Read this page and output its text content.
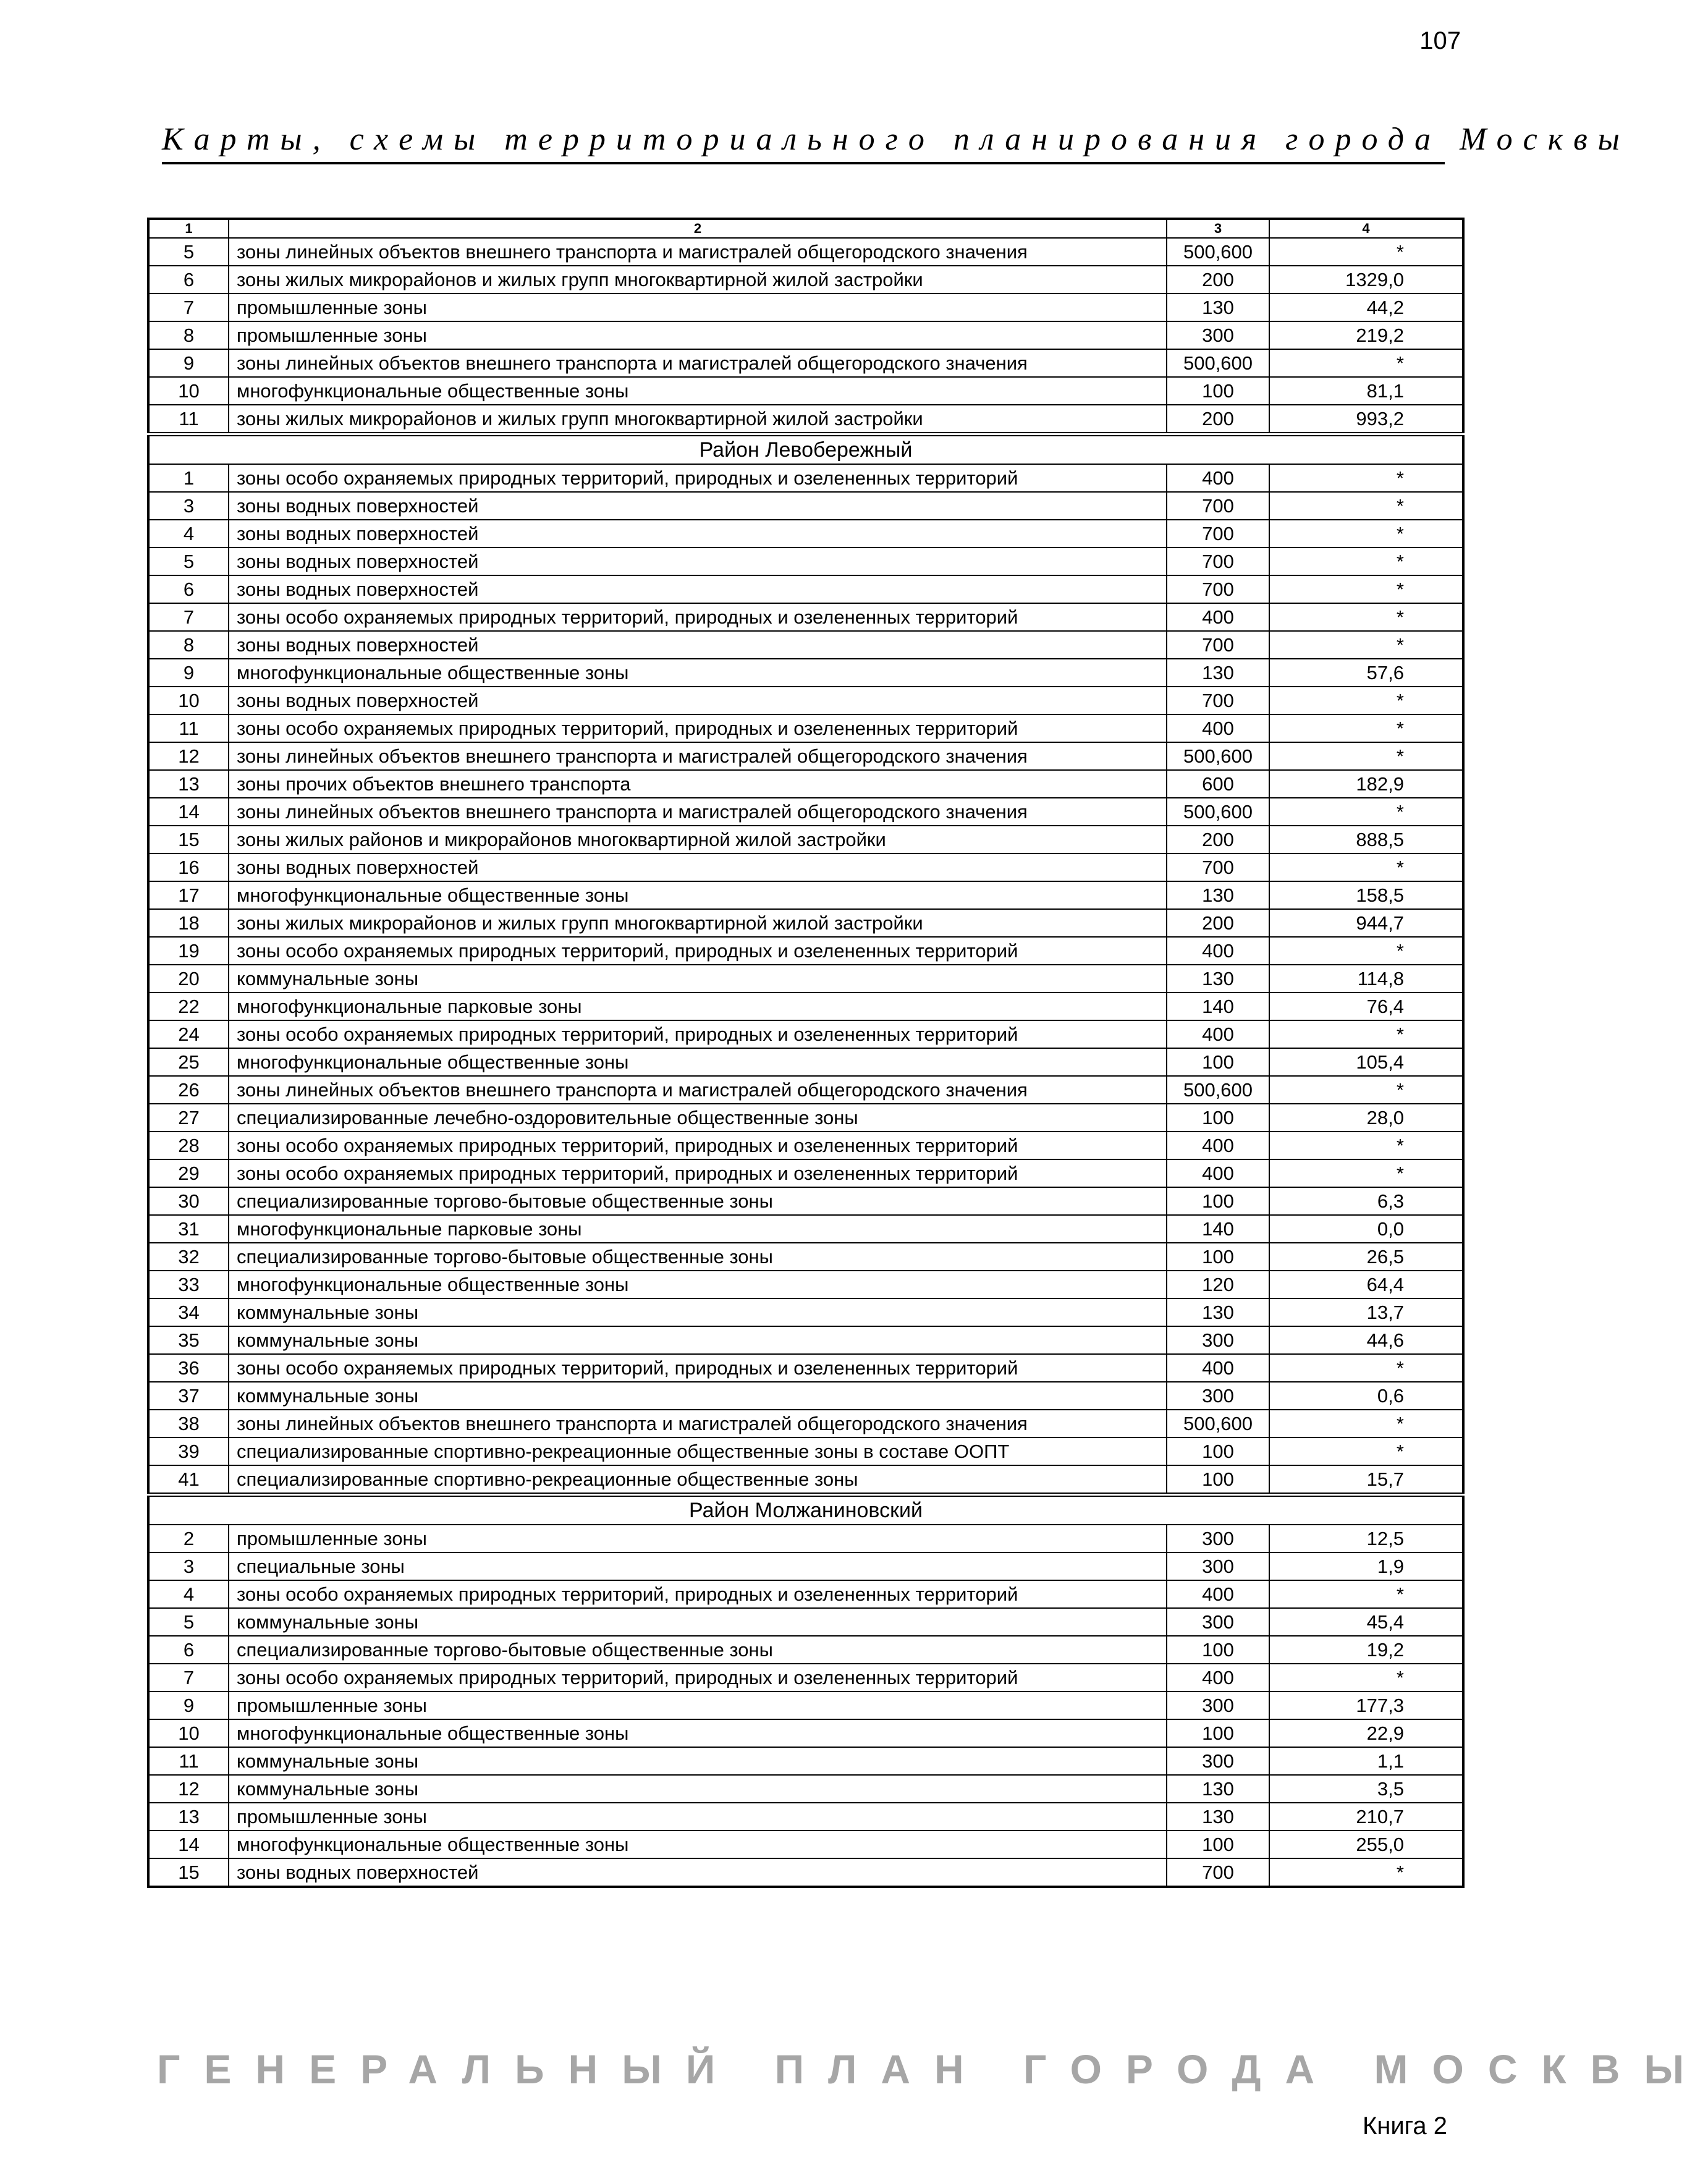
107
Карты, схемы территориального планирования города Москвы
1	2	3	4
5	зоны линейных объектов внешнего транспорта и магистралей общегородского значения	500,600	*
6	зоны жилых микрорайонов и жилых групп многоквартирной жилой застройки	200	1329,0
7	промышленные зоны	130	44,2
8	промышленные зоны	300	219,2
9	зоны линейных объектов внешнего транспорта и магистралей общегородского значения	500,600	*
10	многофункциональные общественные зоны	100	81,1
11	зоны жилых микрорайонов и жилых групп многоквартирной жилой застройки	200	993,2
Район Левобережный			
1	зоны особо охраняемых природных территорий, природных и озелененных территорий	400	*
3	зоны водных поверхностей	700	*
4	зоны водных поверхностей	700	*
5	зоны водных поверхностей	700	*
6	зоны водных поверхностей	700	*
7	зоны особо охраняемых природных территорий, природных и озелененных территорий	400	*
8	зоны водных поверхностей	700	*
9	многофункциональные общественные зоны	130	57,6
10	зоны водных поверхностей	700	*
11	зоны особо охраняемых природных территорий, природных и озелененных территорий	400	*
12	зоны линейных объектов внешнего транспорта и магистралей общегородского значения	500,600	*
13	зоны прочих объектов внешнего транспорта	600	182,9
14	зоны линейных объектов внешнего транспорта и магистралей общегородского значения	500,600	*
15	зоны жилых районов и микрорайонов многоквартирной жилой застройки	200	888,5
16	зоны водных поверхностей	700	*
17	многофункциональные общественные зоны	130	158,5
18	зоны жилых микрорайонов и жилых групп многоквартирной жилой застройки	200	944,7
19	зоны особо охраняемых природных территорий, природных и озелененных территорий	400	*
20	коммунальные зоны	130	114,8
22	многофункциональные парковые зоны	140	76,4
24	зоны особо охраняемых природных территорий, природных и озелененных территорий	400	*
25	многофункциональные общественные зоны	100	105,4
26	зоны линейных объектов внешнего транспорта и магистралей общегородского значения	500,600	*
27	специализированные лечебно-оздоровительные общественные зоны	100	28,0
28	зоны особо охраняемых природных территорий, природных и озелененных территорий	400	*
29	зоны особо охраняемых природных территорий, природных и озелененных территорий	400	*
30	специализированные торгово-бытовые общественные зоны	100	6,3
31	многофункциональные парковые зоны	140	0,0
32	специализированные торгово-бытовые общественные зоны	100	26,5
33	многофункциональные общественные зоны	120	64,4
34	коммунальные зоны	130	13,7
35	коммунальные зоны	300	44,6
36	зоны особо охраняемых природных территорий, природных и озелененных территорий	400	*
37	коммунальные зоны	300	0,6
38	зоны линейных объектов внешнего транспорта и магистралей общегородского значения	500,600	*
39	специализированные спортивно-рекреационные общественные зоны в составе ООПТ	100	*
41	специализированные спортивно-рекреационные общественные зоны	100	15,7
Район Молжаниновский			
2	промышленные зоны	300	12,5
3	специальные зоны	300	1,9
4	зоны особо охраняемых природных территорий, природных и озелененных территорий	400	*
5	коммунальные зоны	300	45,4
6	специализированные торгово-бытовые общественные зоны	100	19,2
7	зоны особо охраняемых природных территорий, природных и озелененных территорий	400	*
9	промышленные зоны	300	177,3
10	многофункциональные общественные зоны	100	22,9
11	коммунальные зоны	300	1,1
12	коммунальные зоны	130	3,5
13	промышленные зоны	130	210,7
14	многофункциональные общественные зоны	100	255,0
15	зоны водных поверхностей	700	*
ГЕНЕРАЛЬНЫЙ ПЛАН ГОРОДА МОСКВЫ
Книга 2
